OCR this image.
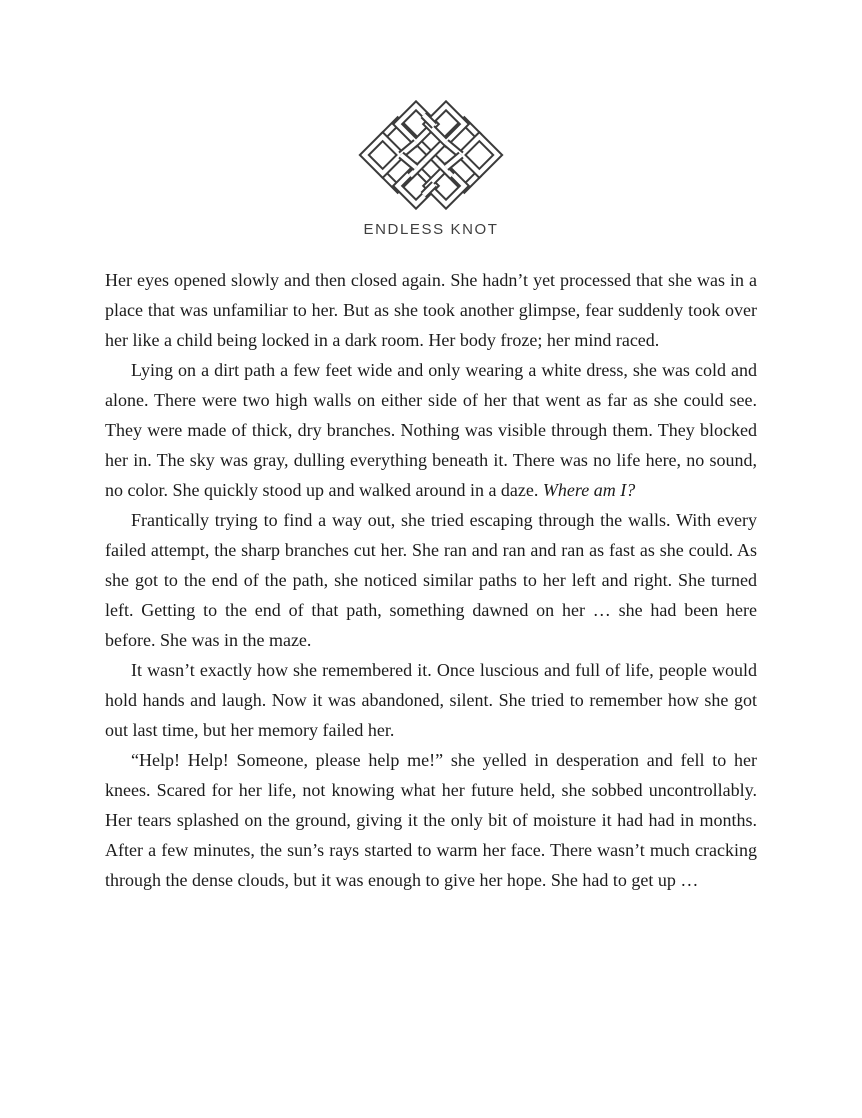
ENDLESS KNOT

Her eyes opened slowly and then closed again. She hadn’t yet processed that she was in a place that was unfamiliar to her. But as she took another glimpse, fear suddenly took over her like a child being locked in a dark room. Her body froze; her mind raced.

Lying on a dirt path a few feet wide and only wearing a white dress, she was cold and alone. There were two high walls on either side of her that went as far as she could see. They were made of thick, dry branches. Nothing was visible through them. They blocked her in. The sky was gray, dulling everything beneath it. There was no life here, no sound, no color. She quickly stood up and walked around in a daze. Where am I?

Frantically trying to find a way out, she tried escaping through the walls. With every failed attempt, the sharp branches cut her. She ran and ran and ran as fast as she could. As she got to the end of the path, she noticed similar paths to her left and right. She turned left. Getting to the end of that path, something dawned on her … she had been here before. She was in the maze.

It wasn’t exactly how she remembered it. Once luscious and full of life, people would hold hands and laugh. Now it was abandoned, silent. She tried to remember how she got out last time, but her memory failed her.

“Help! Help! Someone, please help me!” she yelled in desperation and fell to her knees. Scared for her life, not knowing what her future held, she sobbed uncontrollably. Her tears splashed on the ground, giving it the only bit of moisture it had had in months. After a few minutes, the sun’s rays started to warm her face. There wasn’t much cracking through the dense clouds, but it was enough to give her hope. She had to get up …
